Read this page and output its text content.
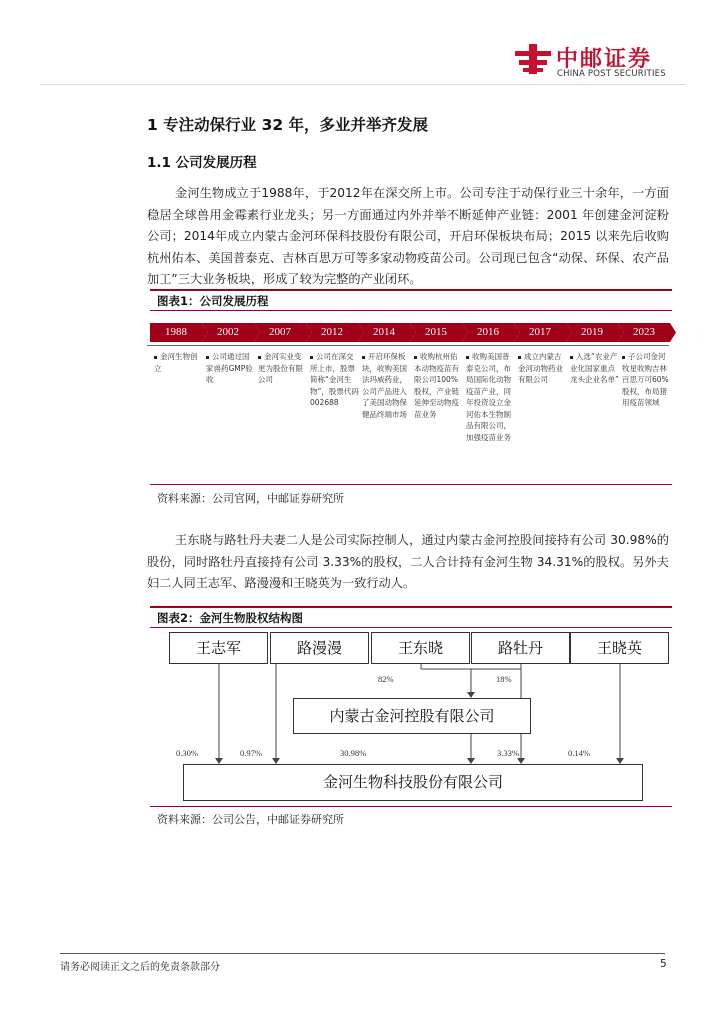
中邮证券
CHINA POST SECURITIES
1 专注动保行业 32 年，多业并举齐发展
1.1 公司发展历程
金河生物成立于1988年，于2012年在深交所上市。公司专注于动保行业三十余年，一方面稳居全球兽用金霉素行业龙头；另一方面通过内外并举不断延伸产业链：2001 年创建金河淀粉公司；2014年成立内蒙古金河环保科技股份有限公司，开启环保板块布局；2015 以来先后收购杭州佑本、美国普泰克、吉林百思万可等多家动物疫苗公司。公司现已包含“动保、环保、农产品加工”三大业务板块，形成了较为完整的产业闭环。
图表1：公司发展历程
1988
金河生物创立
2002
公司通过国家兽药GMP验收
2007
金河实业变更为股份有限公司
2012
公司在深交所上市，股票简称“金河生物”，股票代码002688
2014
开启环保板块，收购美国法玛威药业，公司产品进入了美国动物保健品终端市场
2015
收购杭州佑本动物疫苗有限公司100%股权，产业链延伸至动物疫苗业务
2016
收购美国普泰克公司，布局国际化动物疫苗产业，同年投资设立金河佑本生物制品有限公司，加强疫苗业务
2017
成立内蒙古金河动物药业有限公司
2019
入选“农业产业化国家重点龙头企业名单”
2023
子公司金河牧星收购吉林百思万可60%股权，布局猪用疫苗领域
资料来源：公司官网，中邮证券研究所
王东晓与路牡丹夫妻二人是公司实际控制人，通过内蒙古金河控股间接持有公司 30.98%的股份，同时路牡丹直接持有公司 3.33%的股权，二人合计持有金河生物 34.31%的股权。另外夫妇二人同王志军、路漫漫和王晓英为一致行动人。
图表2：金河生物股权结构图
王志军	路漫漫	王东晓	路牡丹	王晓英
82%	18%
内蒙古金河控股有限公司
0.30%	0.97%	30.98%	3.33%	0.14%
金河生物科技股份有限公司
资料来源：公司公告，中邮证券研究所
请务必阅读正文之后的免责条款部分	5
